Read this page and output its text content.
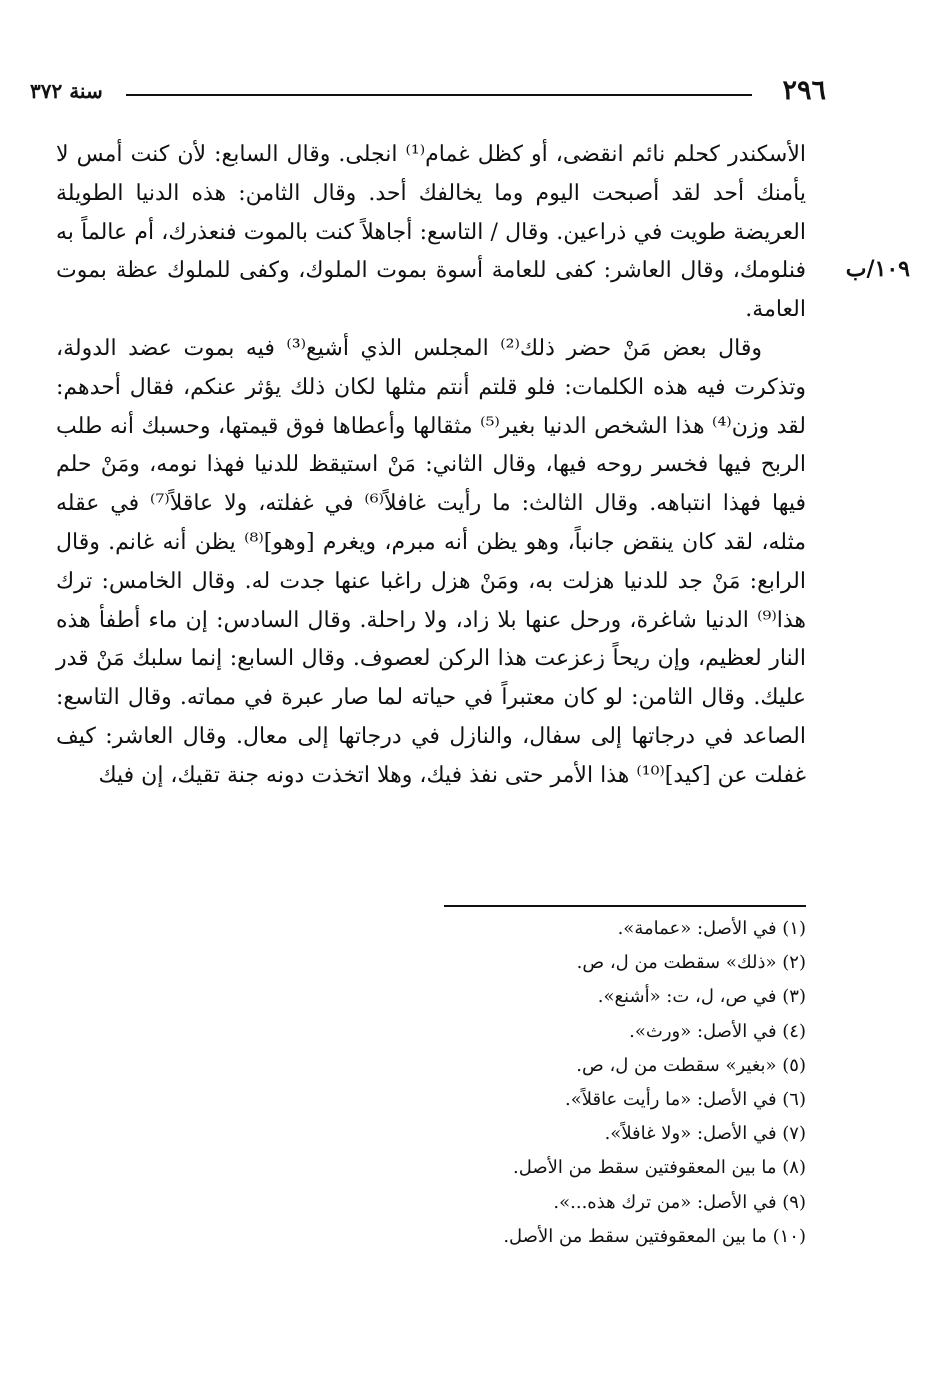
٢٩٦
سنة ٣٧٢
١٠٩/ب

الأسكندر كحلم نائم انقضى، أو كظل غمام⁽¹⁾ انجلى. وقال السابع: لأن كنت أمس لا يأمنك أحد لقد أصبحت اليوم وما يخالفك أحد. وقال الثامن: هذه الدنيا الطويلة العريضة طويت في ذراعين. وقال / التاسع: أجاهلاً كنت بالموت فنعذرك، أم عالماً به فنلومك، وقال العاشر: كفى للعامة أسوة بموت الملوك، وكفى للملوك عظة بموت العامة.

وقال بعض مَنْ حضر ذلك⁽²⁾ المجلس الذي أشيع⁽³⁾ فيه بموت عضد الدولة، وتذكرت فيه هذه الكلمات: فلو قلتم أنتم مثلها لكان ذلك يؤثر عنكم، فقال أحدهم: لقد وزن⁽⁴⁾ هذا الشخص الدنيا بغير⁽⁵⁾ مثقالها وأعطاها فوق قيمتها، وحسبك أنه طلب الربح فيها فخسر روحه فيها، وقال الثاني: مَنْ استيقظ للدنيا فهذا نومه، ومَنْ حلم فيها فهذا انتباهه. وقال الثالث: ما رأيت غافلاً⁽⁶⁾ في غفلته، ولا عاقلاً⁽⁷⁾ في عقله مثله، لقد كان ينقض جانباً، وهو يظن أنه مبرم، ويغرم [وهو]⁽⁸⁾ يظن أنه غانم. وقال الرابع: مَنْ جد للدنيا هزلت به، ومَنْ هزل راغبا عنها جدت له. وقال الخامس: ترك هذا⁽⁹⁾ الدنيا شاغرة، ورحل عنها بلا زاد، ولا راحلة. وقال السادس: إن ماء أطفأ هذه النار لعظيم، وإن ريحاً زعزعت هذا الركن لعصوف. وقال السابع: إنما سلبك مَنْ قدر عليك. وقال الثامن: لو كان معتبراً في حياته لما صار عبرة في مماته. وقال التاسع: الصاعد في درجاتها إلى سفال، والنازل في درجاتها إلى معال. وقال العاشر: كيف غفلت عن [كيد]⁽¹⁰⁾ هذا الأمر حتى نفذ فيك، وهلا اتخذت دونه جنة تقيك، إن فيك

(١) في الأصل: «عمامة».

(٢) «ذلك» سقطت من ل، ص.

(٣) في ص، ل، ت: «أشنع».

(٤) في الأصل: «ورث».

(٥) «بغير» سقطت من ل، ص.

(٦) في الأصل: «ما رأيت عاقلاً».

(٧) في الأصل: «ولا غافلاً».

(٨) ما بين المعقوفتين سقط من الأصل.

(٩) في الأصل: «من ترك هذه...».

(١٠) ما بين المعقوفتين سقط من الأصل.
